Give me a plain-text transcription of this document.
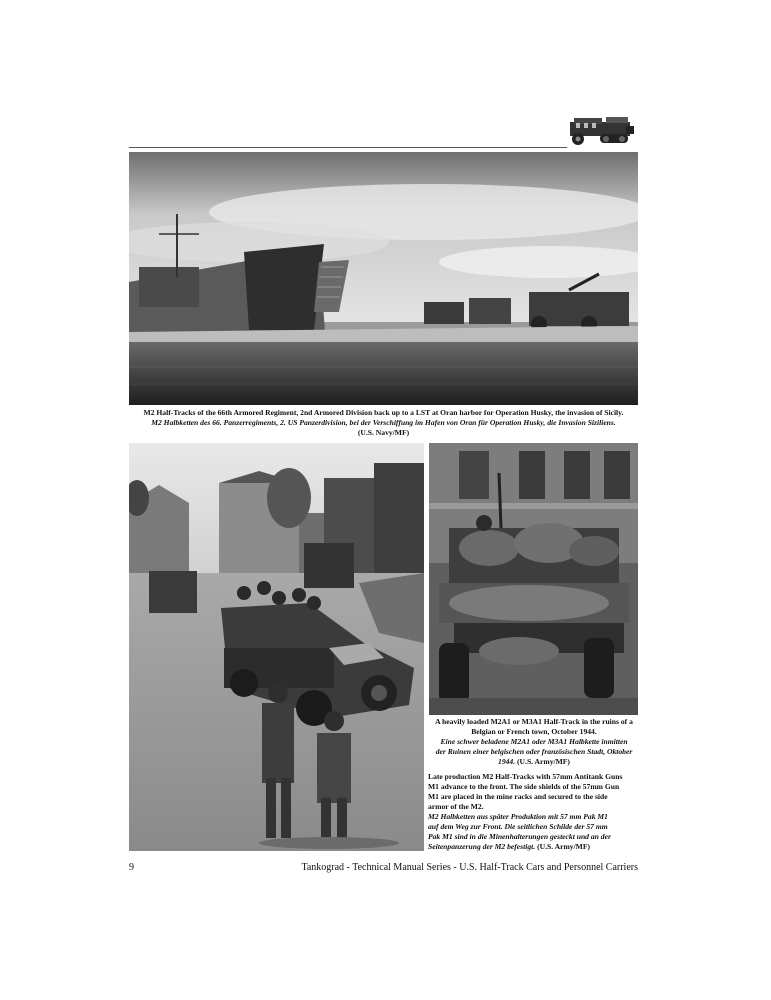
M2 Half-Tracks of the 66th Armored Regiment, 2nd Armored Division back up to a LST at Oran harbor for Operation Husky, the invasion of Sicily.
M2 Halbketten des 66. Panzerregiments, 2. US Panzerdivision, bei der Verschiffung im Hafen von Oran für Operation Husky, die Invasion Siziliens.
(U.S. Navy/MF)
A heavily loaded M2A1 or M3A1 Half-Track in the ruins of a
Belgian or French town, October 1944.
Eine schwer beladene M2A1 oder M3A1 Halbkette inmitten
der Ruinen einer belgischen oder französischen Stadt, Oktober
1944. (U.S. Army/MF)
Late production M2 Half-Tracks with 57mm Antitank Guns
M1 advance to the front. The side shields of the 57mm Gun
M1 are placed in the mine racks and secured to the side
armor of the M2.
M2 Halbketten aus später Produktion mit 57 mm Pak M1
auf dem Weg zur Front. Die seitlichen Schilde der 57 mm
Pak M1 sind in die Minenhalterungen gesteckt und an der
Seitenpanzerung der M2 befestigt. (U.S. Army/MF)
9	Tankograd - Technical Manual Series - U.S. Half-Track Cars and Personnel Carriers
